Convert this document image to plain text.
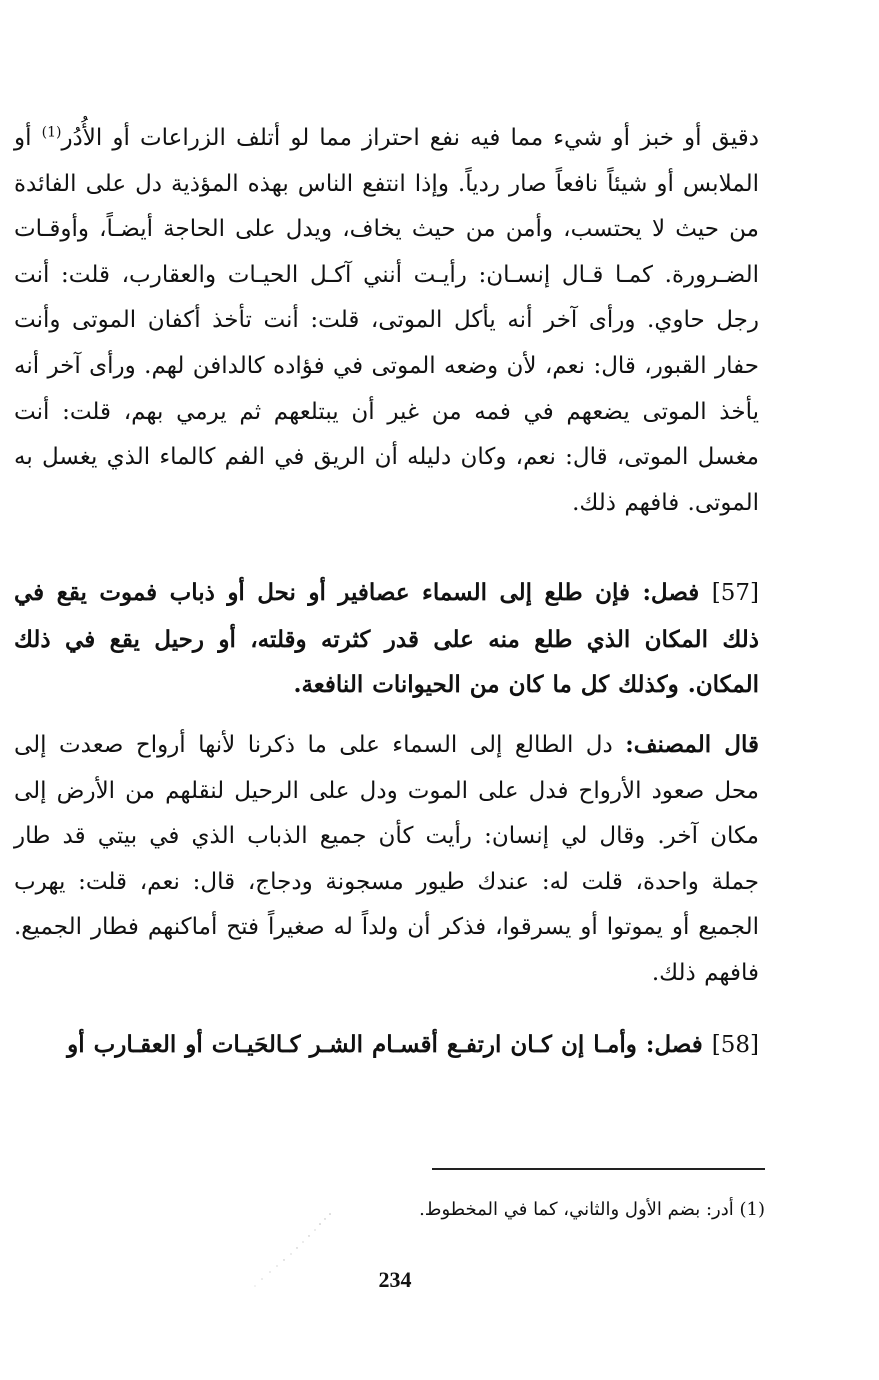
دقيق أو خبز أو شيء مما فيه نفع احتراز مما لو أتلف الزراعات أو الأُدُر$^{(1)}$ أو الملابس أو شيئاً نافعاً صار ردياً. وإذا انتفع الناس بهذه المؤذية دل على الفائدة من حيث لا يحتسب، وأمن من حيث يخاف، ويدل على الحاجة أيضـاً، وأوقـات الضـرورة. كمـا قـال إنسـان: رأيـت أنني آكـل الحيـات والعقارب، قلت: أنت رجل حاوي. ورأى آخر أنه يأكل الموتى، قلت: أنت تأخذ أكفان الموتى وأنت حفار القبور، قال: نعم، لأن وضعه الموتى في فؤاده كالدافن لهم. ورأى آخر أنه يأخذ الموتى يضعهم في فمه من غير أن يبتلعهم ثم يرمي بهم، قلت: أنت مغسل الموتى، قال: نعم، وكان دليله أن الريق في الفم كالماء الذي يغسل به الموتى. فافهم ذلك.
[57] فصل: فإن طلع إلى السماء عصافير أو نحل أو ذباب فموت يقع في ذلك المكان الذي طلع منه على قدر كثرته وقلته، أو رحيل يقع في ذلك المكان. وكذلك كل ما كان من الحيوانات النافعة.
قال المصنف: دل الطالع إلى السماء على ما ذكرنا لأنها أرواح صعدت إلى محل صعود الأرواح فدل على الموت ودل على الرحيل لنقلهم من الأرض إلى مكان آخر. وقال لي إنسان: رأيت كأن جميع الذباب الذي في بيتي قد طار جملة واحدة، قلت له: عندك طيور مسجونة ودجاج، قال: نعم، قلت: يهرب الجميع أو يموتوا أو يسرقوا، فذكر أن ولداً له صغيراً فتح أماكنهم فطار الجميع. فافهم ذلك.
[58] فصل: وأمـا إن كـان ارتفـع أقسـام الشـر كـالحَيـات أو العقـارب أو
(1) أدر: بضم الأول والثاني، كما في المخطوط.
234
